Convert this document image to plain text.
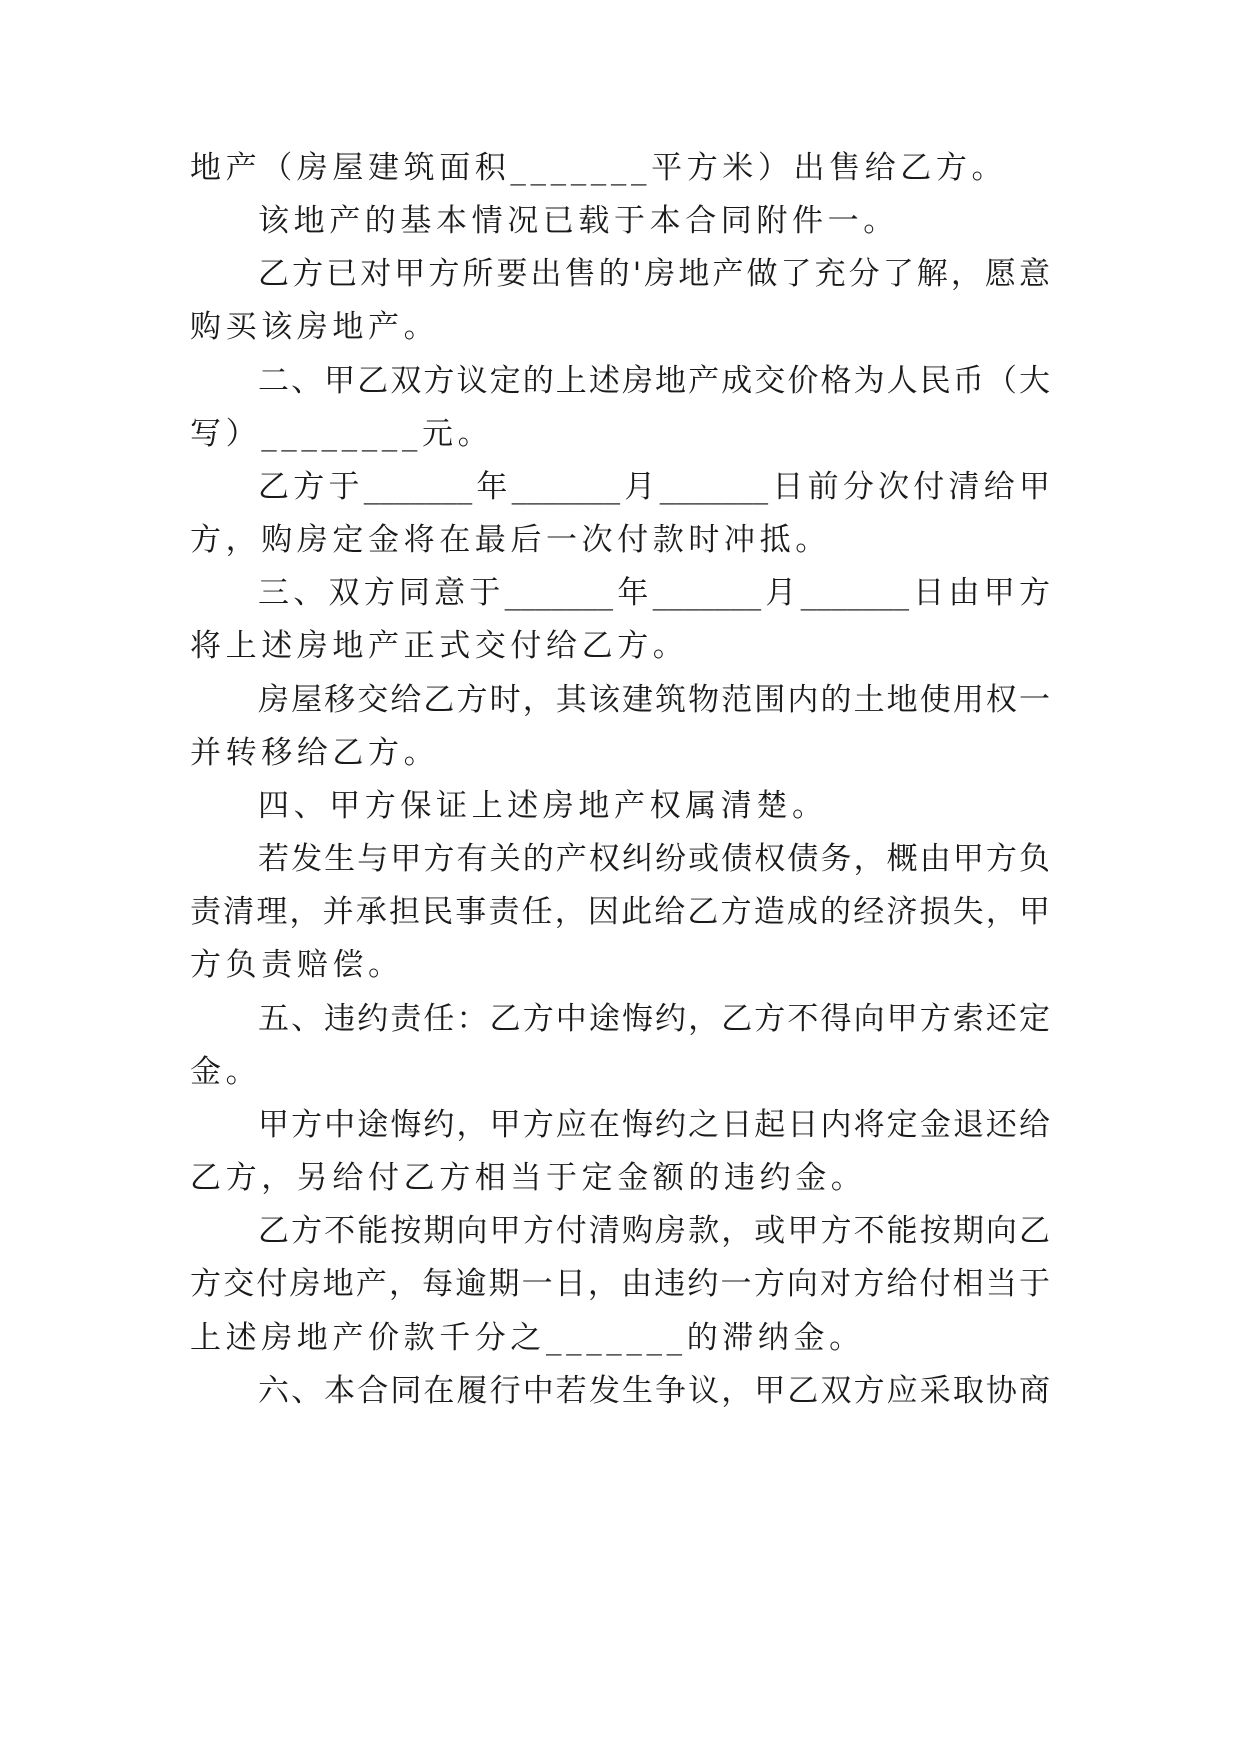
地产（房屋建筑面积_______平方米）出售给乙方。
该地产的基本情况已载于本合同附件一。
乙方已对甲方所要出售的'房地产做了充分了解，愿意
购买该房地产。
二、甲乙双方议定的上述房地产成交价格为人民币（大
写）________元。
乙方于_______年_______月_______日前分次付清给甲
方，购房定金将在最后一次付款时冲抵。
三、双方同意于_______年_______月_______日由甲方
将上述房地产正式交付给乙方。
房屋移交给乙方时，其该建筑物范围内的土地使用权一
并转移给乙方。
四、甲方保证上述房地产权属清楚。
若发生与甲方有关的产权纠纷或债权债务，概由甲方负
责清理，并承担民事责任，因此给乙方造成的经济损失，甲
方负责赔偿。
五、违约责任：乙方中途悔约，乙方不得向甲方索还定
金。
甲方中途悔约，甲方应在悔约之日起日内将定金退还给
乙方，另给付乙方相当于定金额的违约金。
乙方不能按期向甲方付清购房款，或甲方不能按期向乙
方交付房地产，每逾期一日，由违约一方向对方给付相当于
上述房地产价款千分之_______的滞纳金。
六、本合同在履行中若发生争议，甲乙双方应采取协商
